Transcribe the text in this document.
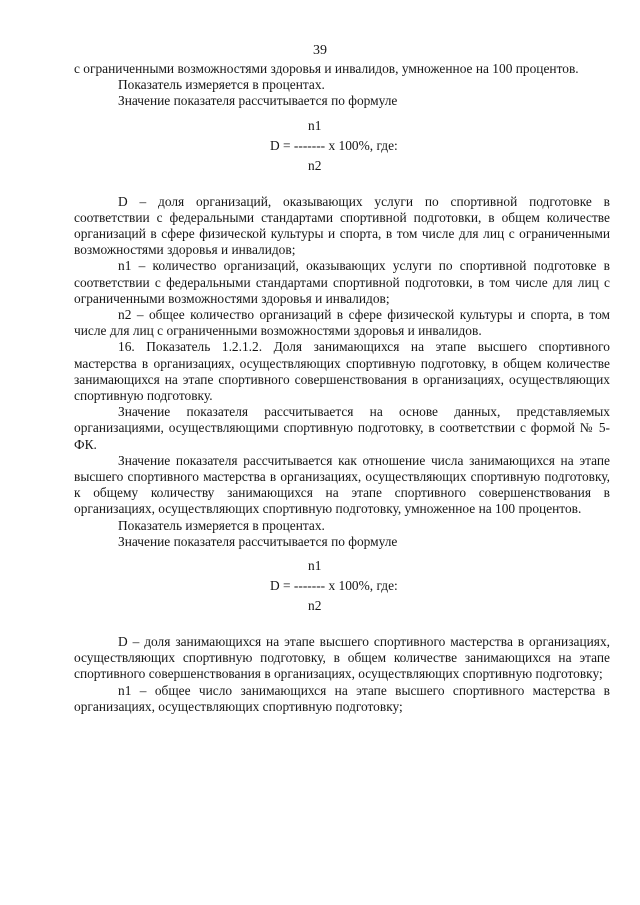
39

с ограниченными возможностями здоровья и инвалидов, умноженное на 100 процентов.

Показатель измеряется в процентах.

Значение показателя рассчитывается по формуле

n1
D = ------- x 100%, где:
n2

D – доля организаций, оказывающих услуги по спортивной подготовке в соответствии с федеральными стандартами спортивной подготовки, в общем количестве организаций в сфере физической культуры и спорта, в том числе для лиц с ограниченными возможностями здоровья и инвалидов;

n1 – количество организаций, оказывающих услуги по спортивной подготовке в соответствии с федеральными стандартами спортивной подготовки, в том числе для лиц с ограниченными возможностями здоровья и инвалидов;

n2 – общее количество организаций в сфере физической культуры и спорта, в том числе для лиц с ограниченными возможностями здоровья и инвалидов.

16. Показатель 1.2.1.2. Доля занимающихся на этапе высшего спортивного мастерства в организациях, осуществляющих спортивную подготовку, в общем количестве занимающихся на этапе спортивного совершенствования в организациях, осуществляющих спортивную подготовку.

Значение показателя рассчитывается на основе данных, представляемых организациями, осуществляющими спортивную подготовку, в соответствии с формой № 5-ФК.

Значение показателя рассчитывается как отношение числа занимающихся на этапе высшего спортивного мастерства в организациях, осуществляющих спортивную подготовку, к общему количеству занимающихся на этапе спортивного совершенствования в организациях, осуществляющих спортивную подготовку, умноженное на 100 процентов.

Показатель измеряется в процентах.

Значение показателя рассчитывается по формуле

n1
D = ------- x 100%, где:
n2

D – доля занимающихся на этапе высшего спортивного мастерства в организациях, осуществляющих спортивную подготовку, в общем количестве занимающихся на этапе спортивного совершенствования в организациях, осуществляющих спортивную подготовку;

n1 – общее число занимающихся на этапе высшего спортивного мастерства в организациях, осуществляющих спортивную подготовку;
